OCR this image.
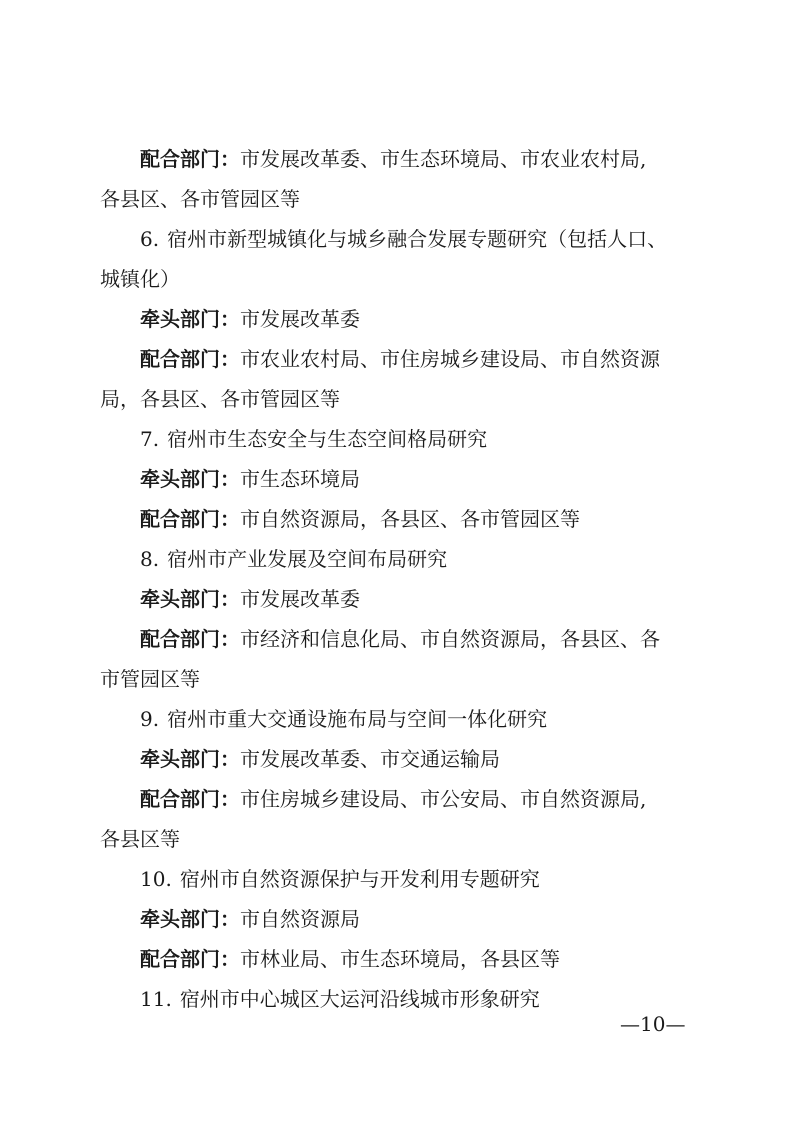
配合部门：市发展改革委、市生态环境局、市农业农村局,
各县区、各市管园区等
6. 宿州市新型城镇化与城乡融合发展专题研究（包括人口、
城镇化）
牵头部门：市发展改革委
配合部门：市农业农村局、市住房城乡建设局、市自然资源
局，各县区、各市管园区等
7. 宿州市生态安全与生态空间格局研究
牵头部门：市生态环境局
配合部门：市自然资源局，各县区、各市管园区等
8. 宿州市产业发展及空间布局研究
牵头部门：市发展改革委
配合部门：市经济和信息化局、市自然资源局，各县区、各
市管园区等
9. 宿州市重大交通设施布局与空间一体化研究
牵头部门：市发展改革委、市交通运输局
配合部门：市住房城乡建设局、市公安局、市自然资源局,
各县区等
10. 宿州市自然资源保护与开发利用专题研究
牵头部门：市自然资源局
配合部门：市林业局、市生态环境局，各县区等
11. 宿州市中心城区大运河沿线城市形象研究
—10—
